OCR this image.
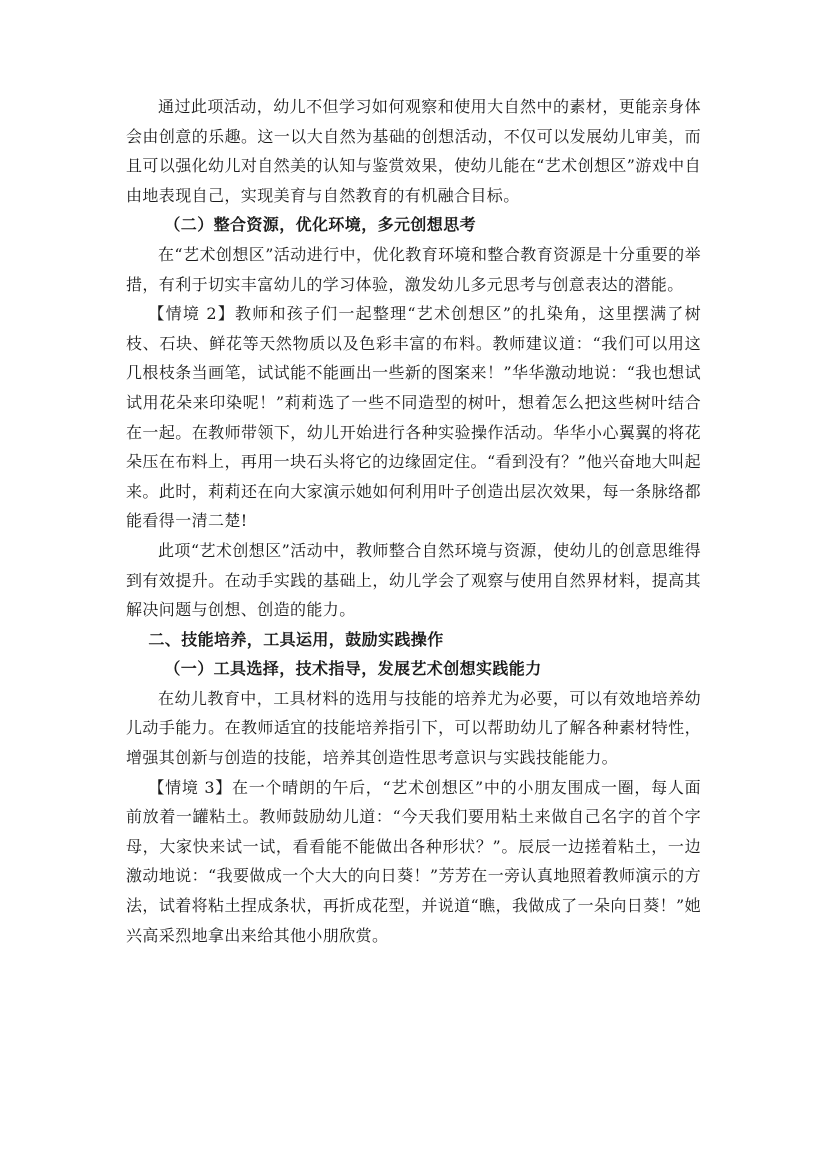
通过此项活动，幼儿不但学习如何观察和使用大自然中的素材，更能亲身体会由创意的乐趣。这一以大自然为基础的创想活动，不仅可以发展幼儿审美，而且可以强化幼儿对自然美的认知与鉴赏效果，使幼儿能在“艺术创想区”游戏中自由地表现自己，实现美育与自然教育的有机融合目标。

（二）整合资源，优化环境，多元创想思考

在“艺术创想区”活动进行中，优化教育环境和整合教育资源是十分重要的举措，有利于切实丰富幼儿的学习体验，激发幼儿多元思考与创意表达的潜能。

【情境 2】教师和孩子们一起整理“艺术创想区”的扎染角，这里摆满了树枝、石块、鲜花等天然物质以及色彩丰富的布料。教师建议道：“我们可以用这几根枝条当画笔，试试能不能画出一些新的图案来！”华华激动地说：“我也想试试用花朵来印染呢！”莉莉选了一些不同造型的树叶，想着怎么把这些树叶结合在一起。在教师带领下，幼儿开始进行各种实验操作活动。华华小心翼翼的将花朵压在布料上，再用一块石头将它的边缘固定住。“看到没有？”他兴奋地大叫起来。此时，莉莉还在向大家演示她如何利用叶子创造出层次效果，每一条脉络都能看得一清二楚!

此项“艺术创想区”活动中，教师整合自然环境与资源，使幼儿的创意思维得到有效提升。在动手实践的基础上，幼儿学会了观察与使用自然界材料，提高其解决问题与创想、创造的能力。

二、技能培养，工具运用，鼓励实践操作

（一）工具选择，技术指导，发展艺术创想实践能力

在幼儿教育中，工具材料的选用与技能的培养尤为必要，可以有效地培养幼儿动手能力。在教师适宜的技能培养指引下，可以帮助幼儿了解各种素材特性，增强其创新与创造的技能，培养其创造性思考意识与实践技能能力。

【情境 3】在一个晴朗的午后，“艺术创想区”中的小朋友围成一圈，每人面前放着一罐粘土。教师鼓励幼儿道：“今天我们要用粘土来做自己名字的首个字母，大家快来试一试，看看能不能做出各种形状？”。辰辰一边搓着粘土，一边激动地说：“我要做成一个大大的向日葵！”芳芳在一旁认真地照着教师演示的方法，试着将粘土捏成条状，再折成花型，并说道“瞧，我做成了一朵向日葵！”她兴高采烈地拿出来给其他小朋欣赏。
